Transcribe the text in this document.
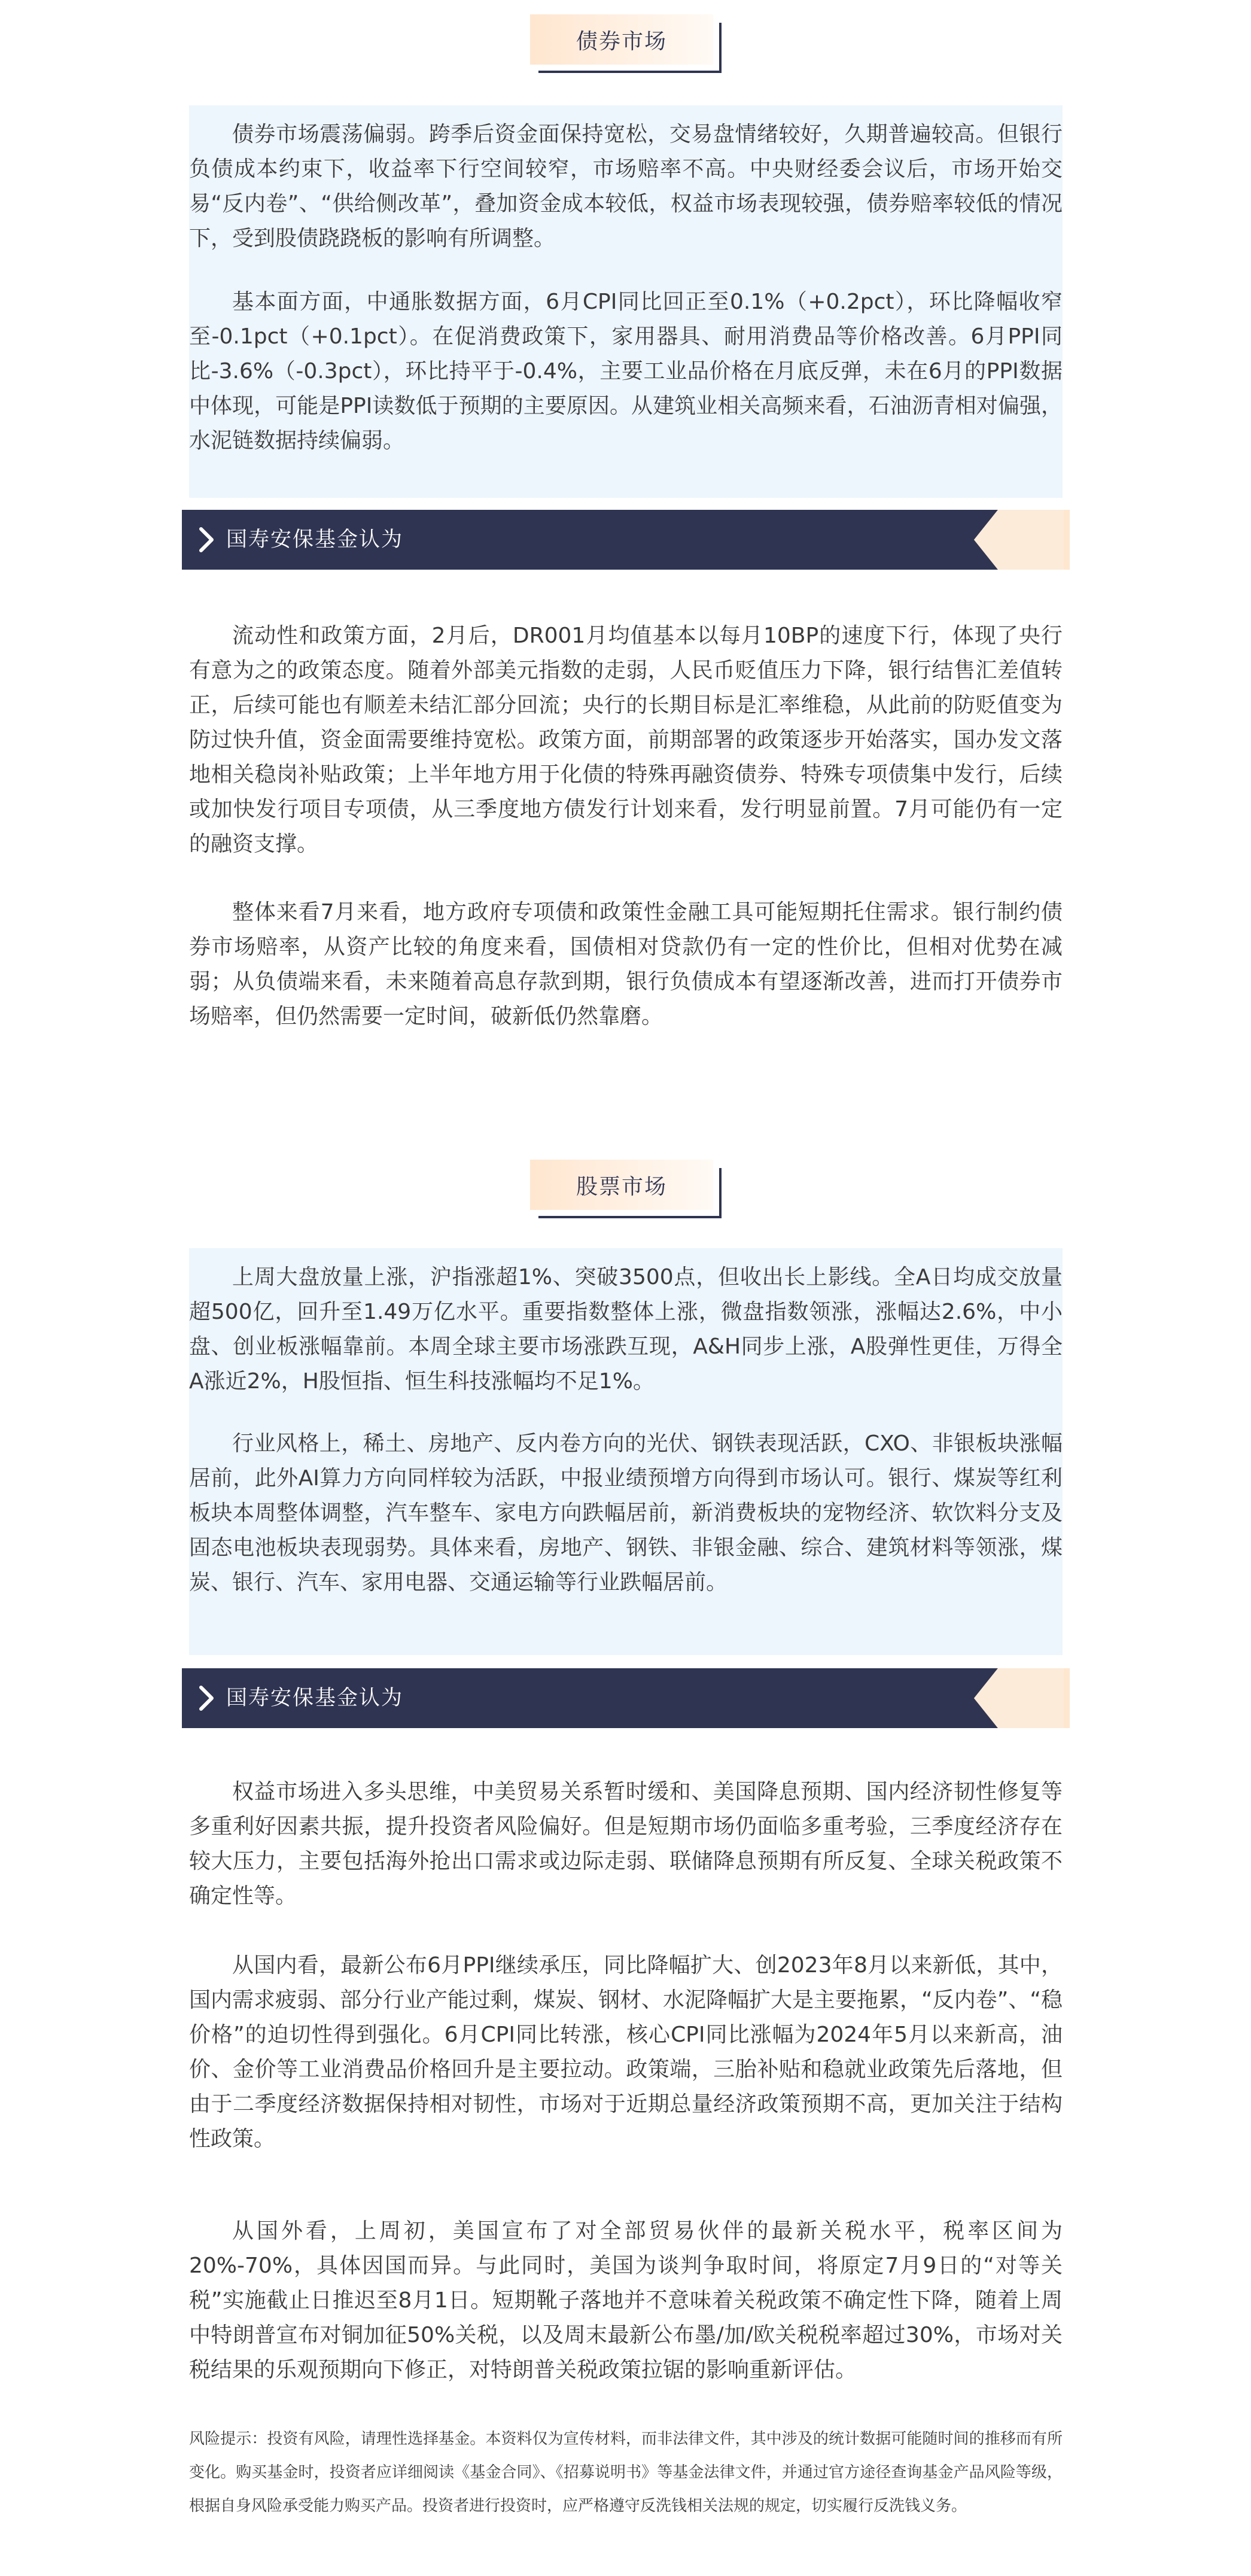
债券市场
债券市场震荡偏弱。跨季后资金面保持宽松，交易盘情绪较好，久期普遍较高。但银行负债成本约束下，收益率下行空间较窄，市场赔率不高。中央财经委会议后，市场开始交易“反内卷”、“供给侧改革”，叠加资金成本较低，权益市场表现较强，债券赔率较低的情况下，受到股债跷跷板的影响有所调整。
基本面方面，中通胀数据方面，6月CPI同比回正至0.1%（+0.2pct），环比降幅收窄至-0.1pct（+0.1pct）。在促消费政策下，家用器具、耐用消费品等价格改善。6月PPI同比-3.6%（-0.3pct），环比持平于-0.4%，主要工业品价格在月底反弹，未在6月的PPI数据中体现，可能是PPI读数低于预期的主要原因。从建筑业相关高频来看，石油沥青相对偏强，水泥链数据持续偏弱。
国寿安保基金认为
流动性和政策方面，2月后，DR001月均值基本以每月10BP的速度下行，体现了央行有意为之的政策态度。随着外部美元指数的走弱，人民币贬值压力下降，银行结售汇差值转正，后续可能也有顺差未结汇部分回流；央行的长期目标是汇率维稳，从此前的防贬值变为防过快升值，资金面需要维持宽松。政策方面，前期部署的政策逐步开始落实，国办发文落地相关稳岗补贴政策；上半年地方用于化债的特殊再融资债券、特殊专项债集中发行，后续或加快发行项目专项债，从三季度地方债发行计划来看，发行明显前置。7月可能仍有一定的融资支撑。
整体来看7月来看，地方政府专项债和政策性金融工具可能短期托住需求。银行制约债券市场赔率，从资产比较的角度来看，国债相对贷款仍有一定的性价比，但相对优势在减弱；从负债端来看，未来随着高息存款到期，银行负债成本有望逐渐改善，进而打开债券市场赔率，但仍然需要一定时间，破新低仍然靠磨。
股票市场
上周大盘放量上涨，沪指涨超1%、突破3500点，但收出长上影线。全A日均成交放量超500亿，回升至1.49万亿水平。重要指数整体上涨，微盘指数领涨，涨幅达2.6%，中小盘、创业板涨幅靠前。本周全球主要市场涨跌互现，A&H同步上涨，A股弹性更佳，万得全A涨近2%，H股恒指、恒生科技涨幅均不足1%。
行业风格上，稀土、房地产、反内卷方向的光伏、钢铁表现活跃，CXO、非银板块涨幅居前，此外AI算力方向同样较为活跃，中报业绩预增方向得到市场认可。银行、煤炭等红利板块本周整体调整，汽车整车、家电方向跌幅居前，新消费板块的宠物经济、软饮料分支及固态电池板块表现弱势。具体来看，房地产、钢铁、非银金融、综合、建筑材料等领涨，煤炭、银行、汽车、家用电器、交通运输等行业跌幅居前。
国寿安保基金认为
权益市场进入多头思维，中美贸易关系暂时缓和、美国降息预期、国内经济韧性修复等多重利好因素共振，提升投资者风险偏好。但是短期市场仍面临多重考验，三季度经济存在较大压力，主要包括海外抢出口需求或边际走弱、联储降息预期有所反复、全球关税政策不确定性等。
从国内看，最新公布6月PPI继续承压，同比降幅扩大、创2023年8月以来新低，其中，国内需求疲弱、部分行业产能过剩，煤炭、钢材、水泥降幅扩大是主要拖累，“反内卷”、“稳价格”的迫切性得到强化。6月CPI同比转涨，核心CPI同比涨幅为2024年5月以来新高，油价、金价等工业消费品价格回升是主要拉动。政策端，三胎补贴和稳就业政策先后落地，但由于二季度经济数据保持相对韧性，市场对于近期总量经济政策预期不高，更加关注于结构性政策。
从国外看，上周初，美国宣布了对全部贸易伙伴的最新关税水平，税率区间为20%-70%，具体因国而异。与此同时，美国为谈判争取时间，将原定7月9日的“对等关税”实施截止日推迟至8月1日。短期靴子落地并不意味着关税政策不确定性下降，随着上周中特朗普宣布对铜加征50%关税，以及周末最新公布墨/加/欧关税税率超过30%，市场对关税结果的乐观预期向下修正，对特朗普关税政策拉锯的影响重新评估。
风险提示：投资有风险，请理性选择基金。本资料仅为宣传材料，而非法律文件，其中涉及的统计数据可能随时间的推移而有所变化。购买基金时，投资者应详细阅读《基金合同》、《招募说明书》等基金法律文件，并通过官方途径查询基金产品风险等级，根据自身风险承受能力购买产品。投资者进行投资时，应严格遵守反洗钱相关法规的规定，切实履行反洗钱义务。
